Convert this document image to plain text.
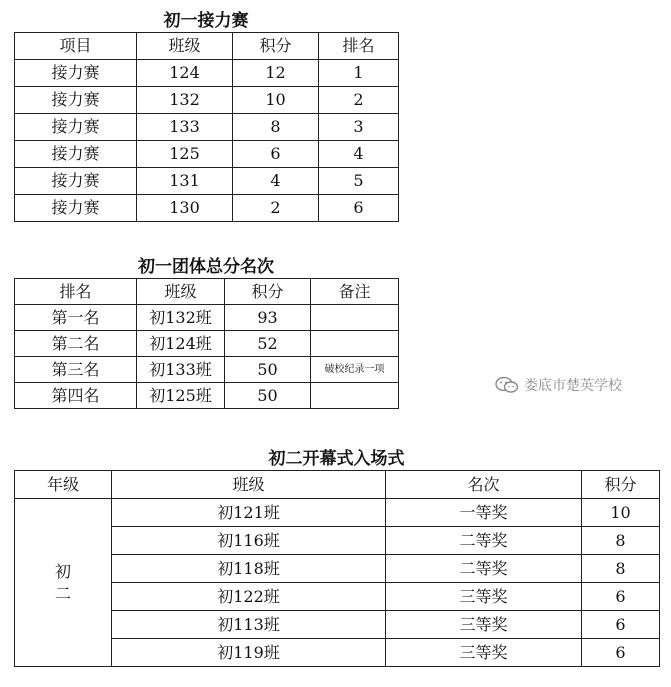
初一接力赛
项目	班级	积分	排名
接力赛	124	12	1
接力赛	132	10	2
接力赛	133	8	3
接力赛	125	6	4
接力赛	131	4	5
接力赛	130	2	6
初一团体总分名次
排名	班级	积分	备注
第一名	初132班	93	
第二名	初124班	52	
第三名	初133班	50	破校纪录一项
第四名	初125班	50		娄底市楚英学校
初二开幕式入场式
年级	班级	名次	积分

初
二	初121班	一等奖	10
	初116班	二等奖	8
	初118班	二等奖	8
	初122班	三等奖	6
	初113班	三等奖	6
	初119班	三等奖	6
